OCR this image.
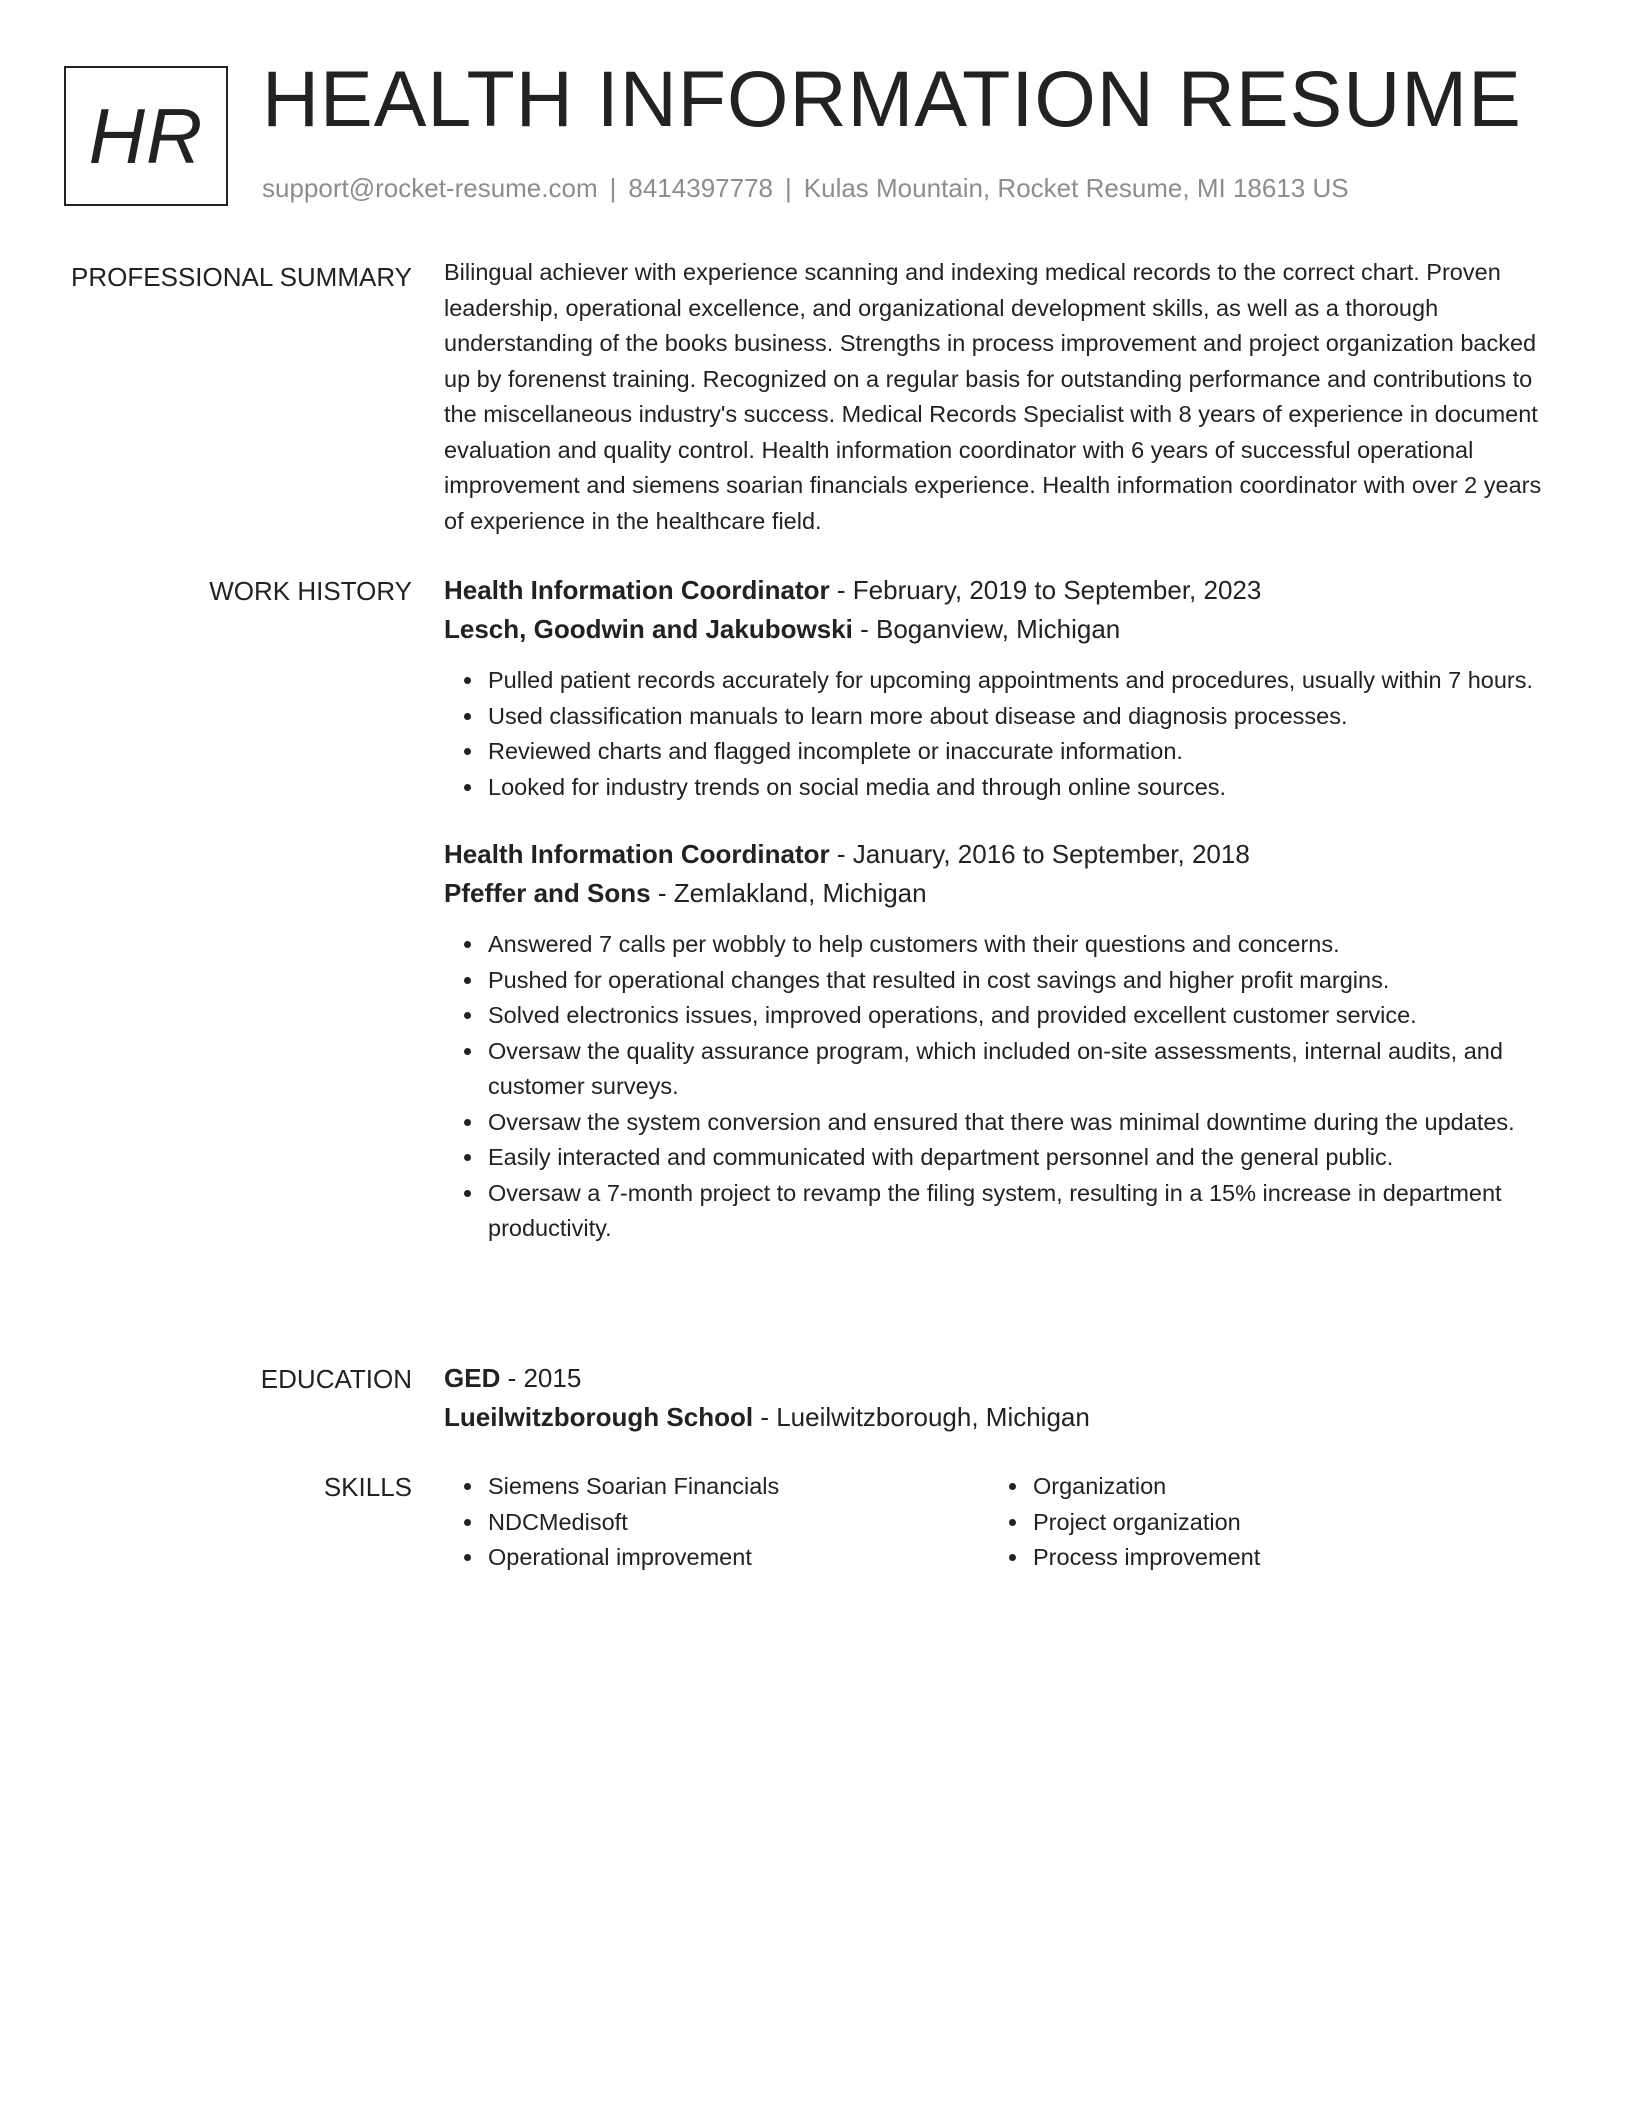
HR HEALTH INFORMATION RESUME
support@rocket-resume.com | 8414397778 | Kulas Mountain, Rocket Resume, MI 18613 US
PROFESSIONAL SUMMARY Bilingual achiever with experience scanning and indexing medical records to the correct chart. Proven leadership, operational excellence, and organizational development skills, as well as a thorough understanding of the books business. Strengths in process improvement and project organization backed up by forenenst training. Recognized on a regular basis for outstanding performance and contributions to the miscellaneous industry's success. Medical Records Specialist with 8 years of experience in document evaluation and quality control. Health information coordinator with 6 years of successful operational improvement and siemens soarian financials experience. Health information coordinator with over 2 years of experience in the healthcare field.

WORK HISTORY Health Information Coordinator - February, 2019 to September, 2023
Lesch, Goodwin and Jakubowski - Boganview, Michigan
Pulled patient records accurately for upcoming appointments and procedures, usually within 7 hours.
Used classification manuals to learn more about disease and diagnosis processes.
Reviewed charts and flagged incomplete or inaccurate information.
Looked for industry trends on social media and through online sources.
Health Information Coordinator - January, 2016 to September, 2018
Pfeffer and Sons - Zemlakland, Michigan
Answered 7 calls per wobbly to help customers with their questions and concerns.
Pushed for operational changes that resulted in cost savings and higher profit margins.
Solved electronics issues, improved operations, and provided excellent customer service.
Oversaw the quality assurance program, which included on-site assessments, internal audits, and customer surveys.
Oversaw the system conversion and ensured that there was minimal downtime during the updates.
Easily interacted and communicated with department personnel and the general public.
Oversaw a 7-month project to revamp the filing system, resulting in a 15% increase in department productivity.
EDUCATION GED - 2015
Lueilwitzborough School - Lueilwitzborough, Michigan
SKILLS	Siemens Soarian Financials
NDCMedisoft
Operational improvement
Organization
Project organization
Process improvement
